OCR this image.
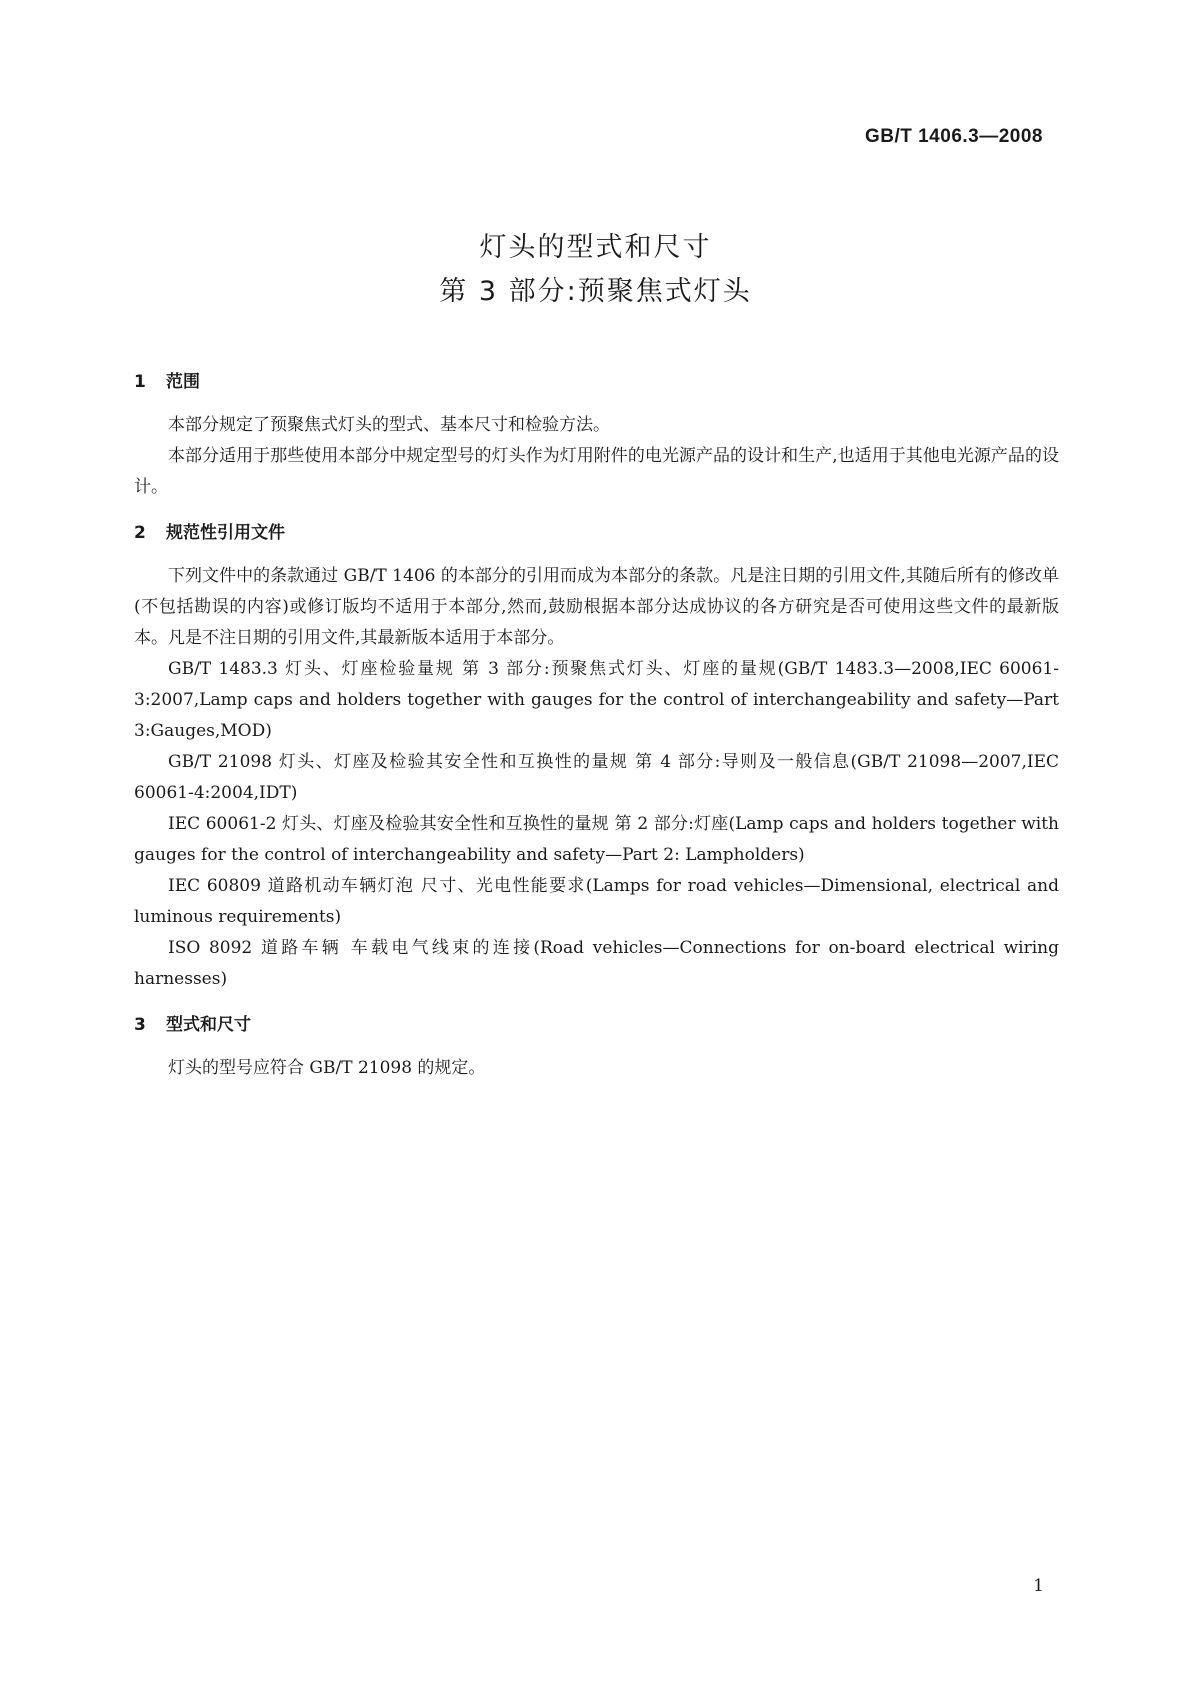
GB/T 1406.3—2008
灯头的型式和尺寸
第 3 部分:预聚焦式灯头
1 范围

本部分规定了预聚焦式灯头的型式、基本尺寸和检验方法。

本部分适用于那些使用本部分中规定型号的灯头作为灯用附件的电光源产品的设计和生产,也适用于其他电光源产品的设计。

2 规范性引用文件

下列文件中的条款通过 GB/T 1406 的本部分的引用而成为本部分的条款。凡是注日期的引用文件,其随后所有的修改单(不包括勘误的内容)或修订版均不适用于本部分,然而,鼓励根据本部分达成协议的各方研究是否可使用这些文件的最新版本。凡是不注日期的引用文件,其最新版本适用于本部分。

GB/T 1483.3 灯头、灯座检验量规 第 3 部分:预聚焦式灯头、灯座的量规(GB/T 1483.3—2008,IEC 60061-3:2007,Lamp caps and holders together with gauges for the control of interchangeability and safety—Part 3:Gauges,MOD)

GB/T 21098 灯头、灯座及检验其安全性和互换性的量规 第 4 部分:导则及一般信息(GB/T 21098—2007,IEC 60061-4:2004,IDT)

IEC 60061-2 灯头、灯座及检验其安全性和互换性的量规 第 2 部分:灯座(Lamp caps and holders together with gauges for the control of interchangeability and safety—Part 2: Lampholders)

IEC 60809 道路机动车辆灯泡 尺寸、光电性能要求(Lamps for road vehicles—Dimensional, electrical and luminous requirements)

ISO 8092 道路车辆 车载电气线束的连接(Road vehicles—Connections for on-board electrical wiring harnesses)

3 型式和尺寸

灯头的型号应符合 GB/T 21098 的规定。

1
